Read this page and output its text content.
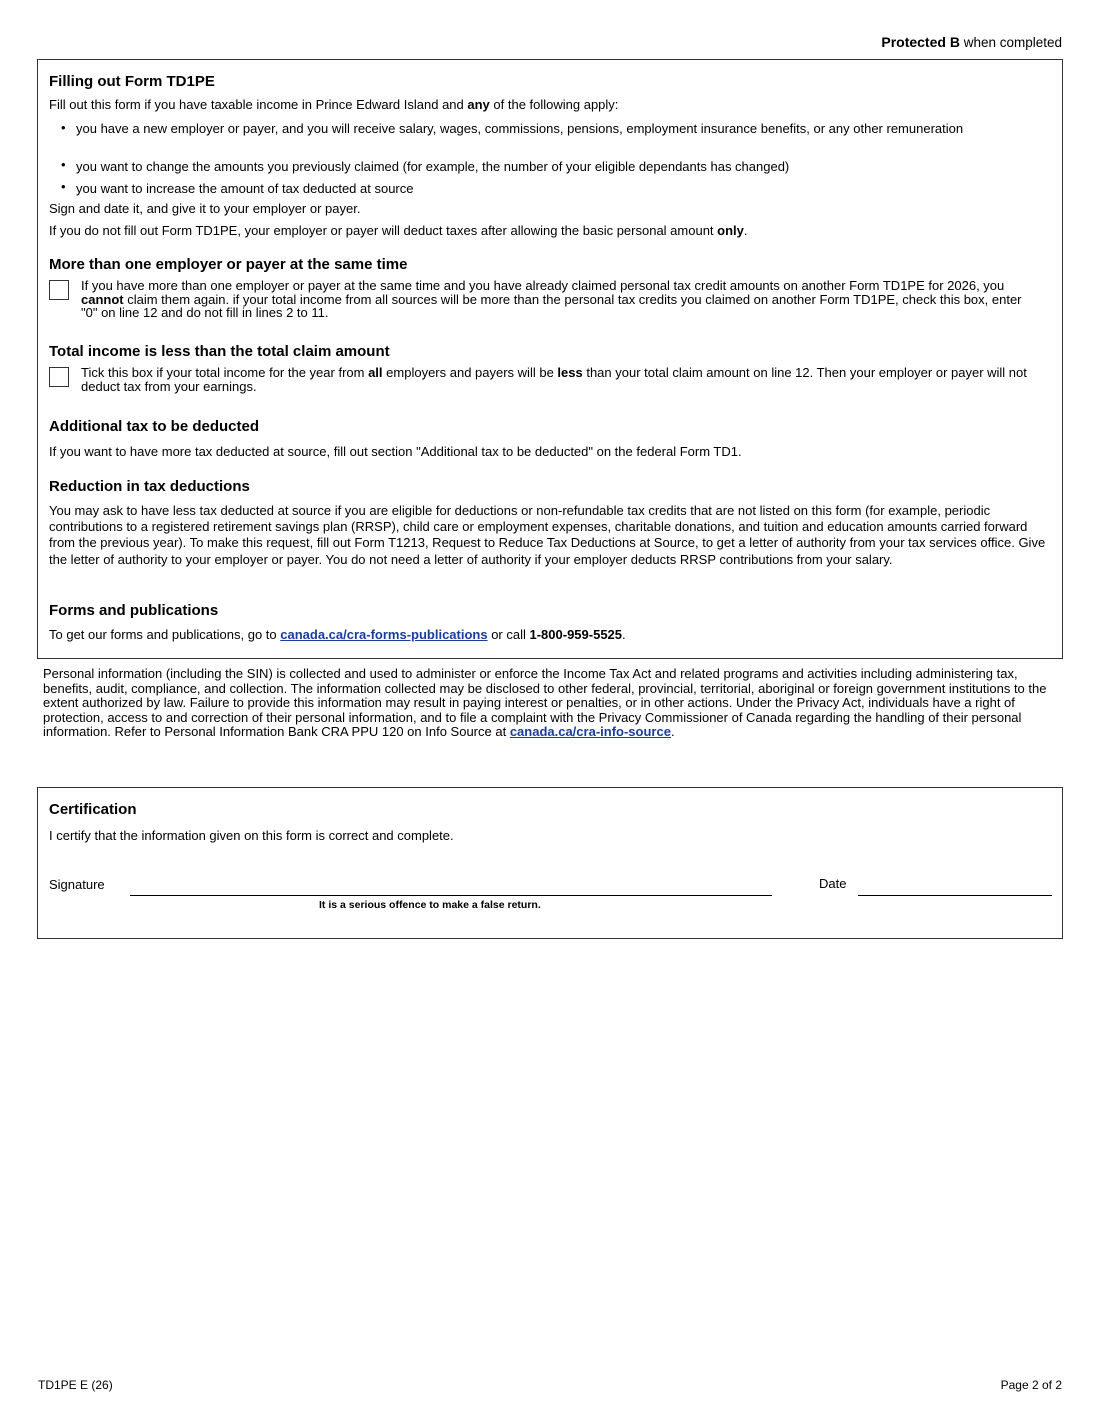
Protected B when completed
Filling out Form TD1PE
Fill out this form if you have taxable income in Prince Edward Island and any of the following apply:
• you have a new employer or payer, and you will receive salary, wages, commissions, pensions, employment insurance benefits, or any other remuneration
• you want to change the amounts you previously claimed (for example, the number of your eligible dependants has changed)
• you want to increase the amount of tax deducted at source
Sign and date it, and give it to your employer or payer.
If you do not fill out Form TD1PE, your employer or payer will deduct taxes after allowing the basic personal amount only.
More than one employer or payer at the same time
If you have more than one employer or payer at the same time and you have already claimed personal tax credit amounts on another Form TD1PE for 2026, you cannot claim them again. if your total income from all sources will be more than the personal tax credits you claimed on another Form TD1PE, check this box, enter "0" on line 12 and do not fill in lines 2 to 11.
Total income is less than the total claim amount
Tick this box if your total income for the year from all employers and payers will be less than your total claim amount on line 12. Then your employer or payer will not deduct tax from your earnings.
Additional tax to be deducted
If you want to have more tax deducted at source, fill out section "Additional tax to be deducted" on the federal Form TD1.
Reduction in tax deductions
You may ask to have less tax deducted at source if you are eligible for deductions or non-refundable tax credits that are not listed on this form (for example, periodic contributions to a registered retirement savings plan (RRSP), child care or employment expenses, charitable donations, and tuition and education amounts carried forward from the previous year). To make this request, fill out Form T1213, Request to Reduce Tax Deductions at Source, to get a letter of authority from your tax services office. Give the letter of authority to your employer or payer. You do not need a letter of authority if your employer deducts RRSP contributions from your salary.
Forms and publications
To get our forms and publications, go to canada.ca/cra-forms-publications or call 1-800-959-5525.
Personal information (including the SIN) is collected and used to administer or enforce the Income Tax Act and related programs and activities including administering tax, benefits, audit, compliance, and collection. The information collected may be disclosed to other federal, provincial, territorial, aboriginal or foreign government institutions to the extent authorized by law. Failure to provide this information may result in paying interest or penalties, or in other actions. Under the Privacy Act, individuals have a right of protection, access to and correction of their personal information, and to file a complaint with the Privacy Commissioner of Canada regarding the handling of their personal information. Refer to Personal Information Bank CRA PPU 120 on Info Source at canada.ca/cra-info-source.
Certification
I certify that the information given on this form is correct and complete.
Signature
It is a serious offence to make a false return.
Date
TD1PE E (26)	Page 2 of 2
